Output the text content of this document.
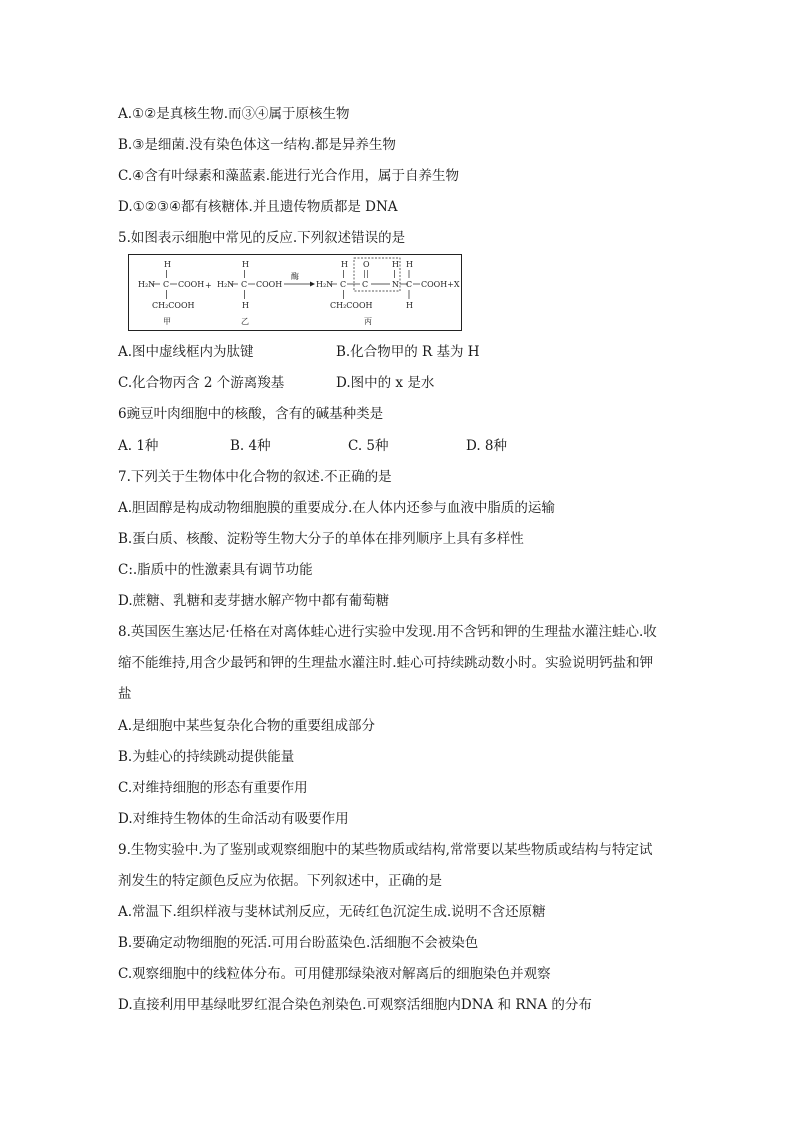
A.①②是真核生物.而③④属于原核生物
B.③是细菌.没有染色体这一结构.都是异养生物
C.④含有叶绿素和藻蓝素.能进行光合作用，属于自养生物
D.①②③④都有核糖体.并且遗传物质都是 DNA
5.如图表示细胞中常见的反应.下列叙述错误的是
H
H₂N C COOH +
CH₂COOH
甲
H
H₂N C COOH
H
乙
酶
H
H₂N C
O
C
H
N
H
C COOH+X
CH₂COOH	H
丙
A.图中虚线框内为肽键	B.化合物甲的 R 基为 H
C.化合物丙含 2 个游离羧基	D.图中的 x 是水
6豌豆叶肉细胞中的核酸，含有的碱基种类是
A. 1种	B. 4种	C. 5种	D. 8种
7.下列关于生物体中化合物的叙述.不正确的是
A.胆固醇是构成动物细胞膜的重要成分.在人体内还参与血液中脂质的运输
B.蛋白质、核酸、淀粉等生物大分子的单体在排列顺序上具有多样性
C:.脂质中的性激素具有调节功能
D.蔗糖、乳糖和麦芽搪水解产物中都有葡萄糖
8.英国医生塞达尼·任格在对离体蛙心进行实验中发现.用不含钙和钾的生理盐水灌注蛙心.收
缩不能维持,用含少最钙和钾的生理盐水灌注时.蛙心可持续跳动数小时。实验说明钙盐和钾
盐
A.是细胞中某些复杂化合物的重要组成部分
B.为蛙心的持续跳动提供能量
C.对维持细胞的形态有重要作用
D.对维持生物体的生命活动有吸要作用
9.生物实验中.为了鉴别或观察细胞中的某些物质或结构,常常要以某些物质或结构与特定试
剂发生的特定颜色反应为依据。下列叙述中，正确的是
A.常温下.组织样液与斐林试剂反应，无砖红色沉淀生成.说明不含还原糖
B.要确定动物细胞的死活.可用台盼蓝染色.活细胞不会被染色
C.观察细胞中的线粒体分布。可用健那绿染液对解离后的细胞染色并观察
D.直接利用甲基绿吡罗红混合染色剂染色.可观察活细胞内DNA 和 RNA 的分布
